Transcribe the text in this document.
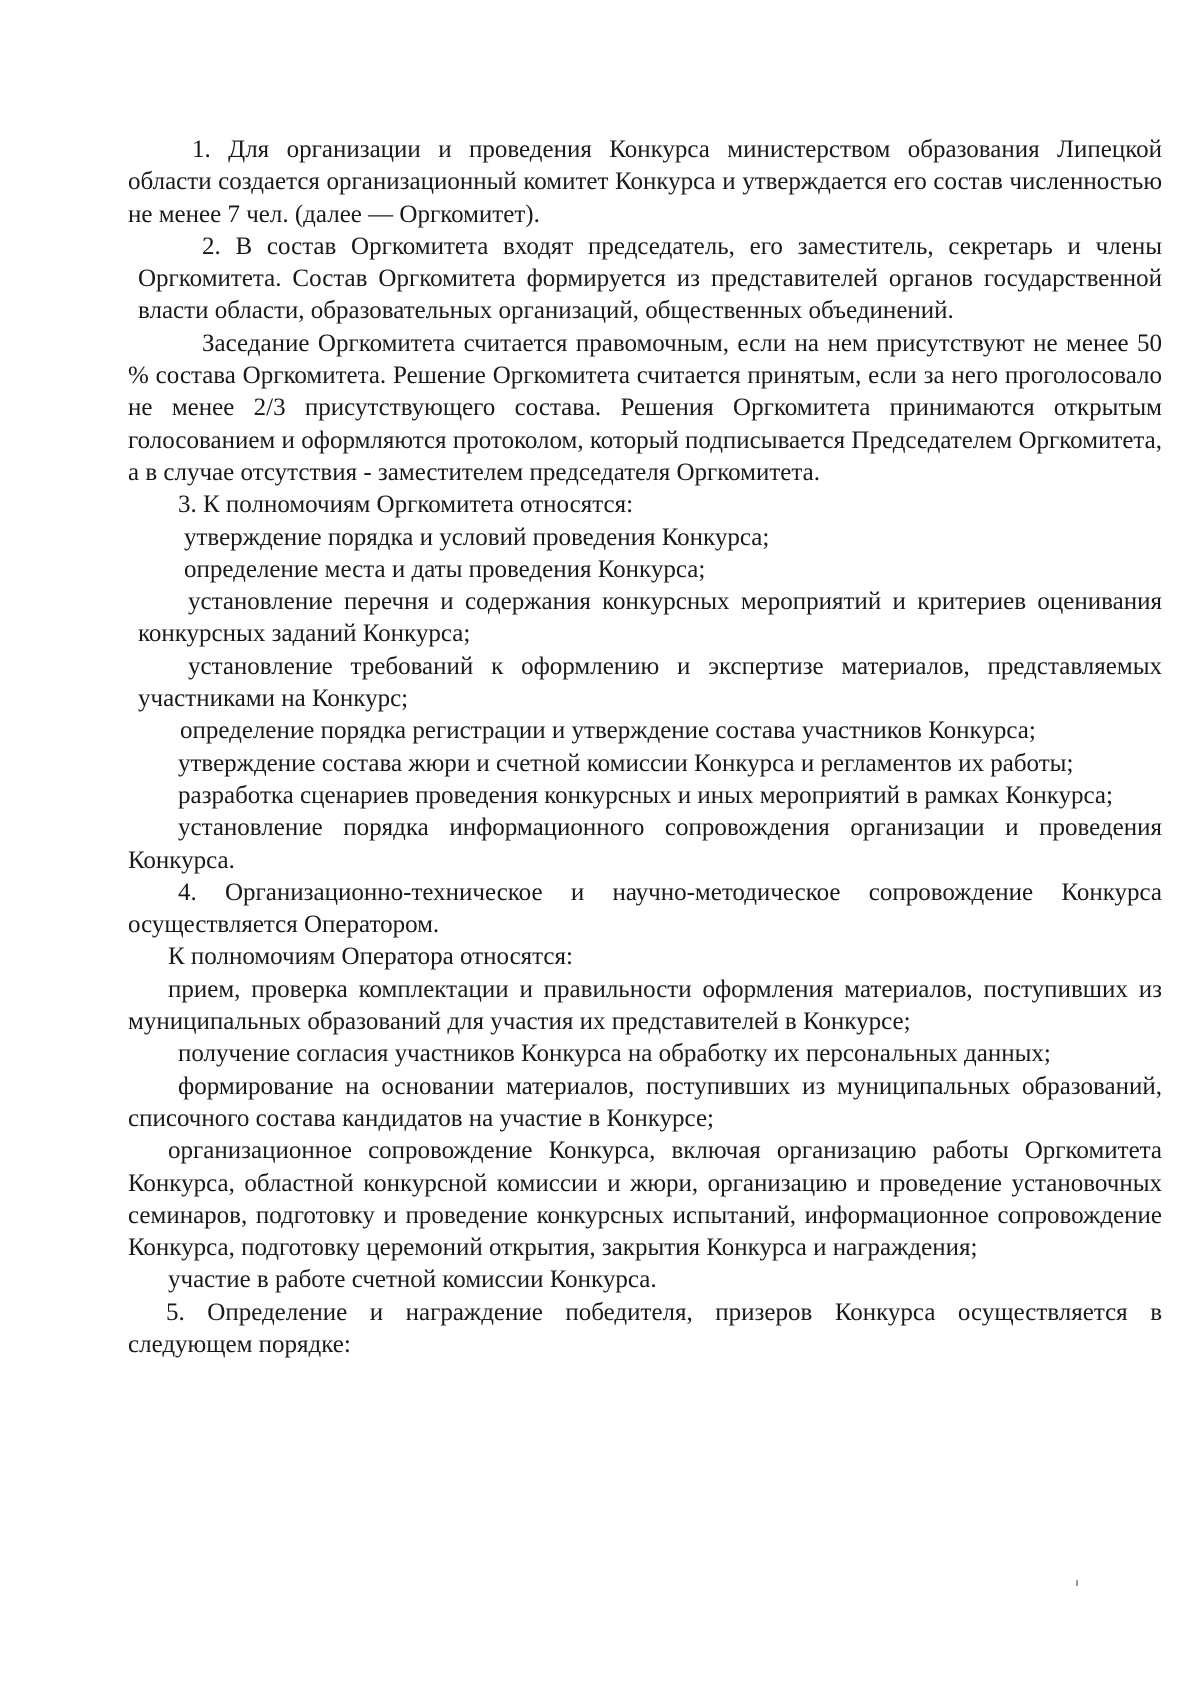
1. Для организации и проведения Конкурса министерством образования Липецкой области создается организационный комитет Конкурса и утверждается его состав численностью не менее 7 чел. (далее — Оргкомитет).

2. В состав Оргкомитета входят председатель, его заместитель, секретарь и члены Оргкомитета. Состав Оргкомитета формируется из представителей органов государственной власти области, образовательных организаций, общественных объединений.

Заседание Оргкомитета считается правомочным, если на нем присутствуют не менее 50 % состава Оргкомитета. Решение Оргкомитета считается принятым, если за него проголосовало не менее 2/3 присутствующего состава. Решения Оргкомитета принимаются открытым голосованием и оформляются протоколом, который подписывается Председателем Оргкомитета, а в случае отсутствия - заместителем председателя Оргкомитета.

3. К полномочиям Оргкомитета относятся:

утверждение порядка и условий проведения Конкурса;

определение места и даты проведения Конкурса;

установление перечня и содержания конкурсных мероприятий и критериев оценивания конкурсных заданий Конкурса;

установление требований к оформлению и экспертизе материалов, представляемых участниками на Конкурс;

определение порядка регистрации и утверждение состава участников Конкурса;

утверждение состава жюри и счетной комиссии Конкурса и регламентов их работы;

разработка сценариев проведения конкурсных и иных мероприятий в рамках Конкурса;

установление порядка информационного сопровождения организации и проведения Конкурса.

4. Организационно-техническое и научно-методическое сопровождение Конкурса осуществляется Оператором.

К полномочиям Оператора относятся:

прием, проверка комплектации и правильности оформления материалов, поступивших из муниципальных образований для участия их представителей в Конкурсе;

получение согласия участников Конкурса на обработку их персональных данных;

формирование на основании материалов, поступивших из муниципальных образований, списочного состава кандидатов на участие в Конкурсе;

организационное сопровождение Конкурса, включая организацию работы Оргкомитета Конкурса, областной конкурсной комиссии и жюри, организацию и проведение установочных семинаров, подготовку и проведение конкурсных испытаний, информационное сопровождение Конкурса, подготовку церемоний открытия, закрытия Конкурса и награждения;

участие в работе счетной комиссии Конкурса.

5. Определение и награждение победителя, призеров Конкурса осуществляется в следующем порядке:
